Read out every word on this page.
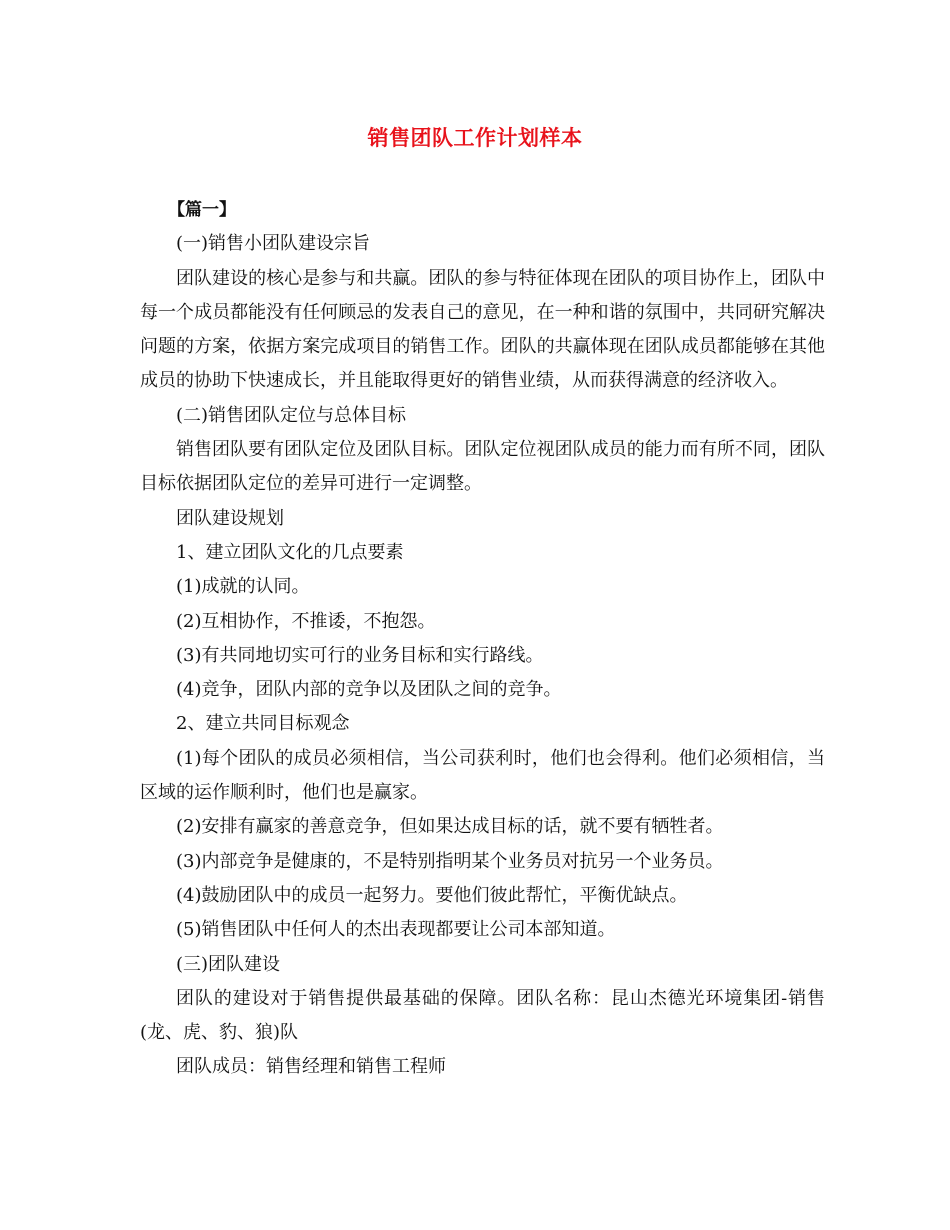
销售团队工作计划样本

【篇一】

(一)销售小团队建设宗旨

团队建设的核心是参与和共赢。团队的参与特征体现在团队的项目协作上，团队中每一个成员都能没有任何顾忌的发表自己的意见，在一种和谐的氛围中，共同研究解决问题的方案，依据方案完成项目的销售工作。团队的共赢体现在团队成员都能够在其他成员的协助下快速成长，并且能取得更好的销售业绩，从而获得满意的经济收入。

(二)销售团队定位与总体目标

销售团队要有团队定位及团队目标。团队定位视团队成员的能力而有所不同，团队目标依据团队定位的差异可进行一定调整。

团队建设规划

1、建立团队文化的几点要素

(1)成就的认同。

(2)互相协作，不推诿，不抱怨。

(3)有共同地切实可行的业务目标和实行路线。

(4)竞争，团队内部的竞争以及团队之间的竞争。

2、建立共同目标观念

(1)每个团队的成员必须相信，当公司获利时，他们也会得利。他们必须相信，当区域的运作顺利时，他们也是赢家。

(2)安排有赢家的善意竞争，但如果达成目标的话，就不要有牺牲者。

(3)内部竞争是健康的，不是特别指明某个业务员对抗另一个业务员。

(4)鼓励团队中的成员一起努力。要他们彼此帮忙，平衡优缺点。

(5)销售团队中任何人的杰出表现都要让公司本部知道。

(三)团队建设

团队的建设对于销售提供最基础的保障。团队名称：昆山杰德光环境集团-销售(龙、虎、豹、狼)队

团队成员：销售经理和销售工程师
